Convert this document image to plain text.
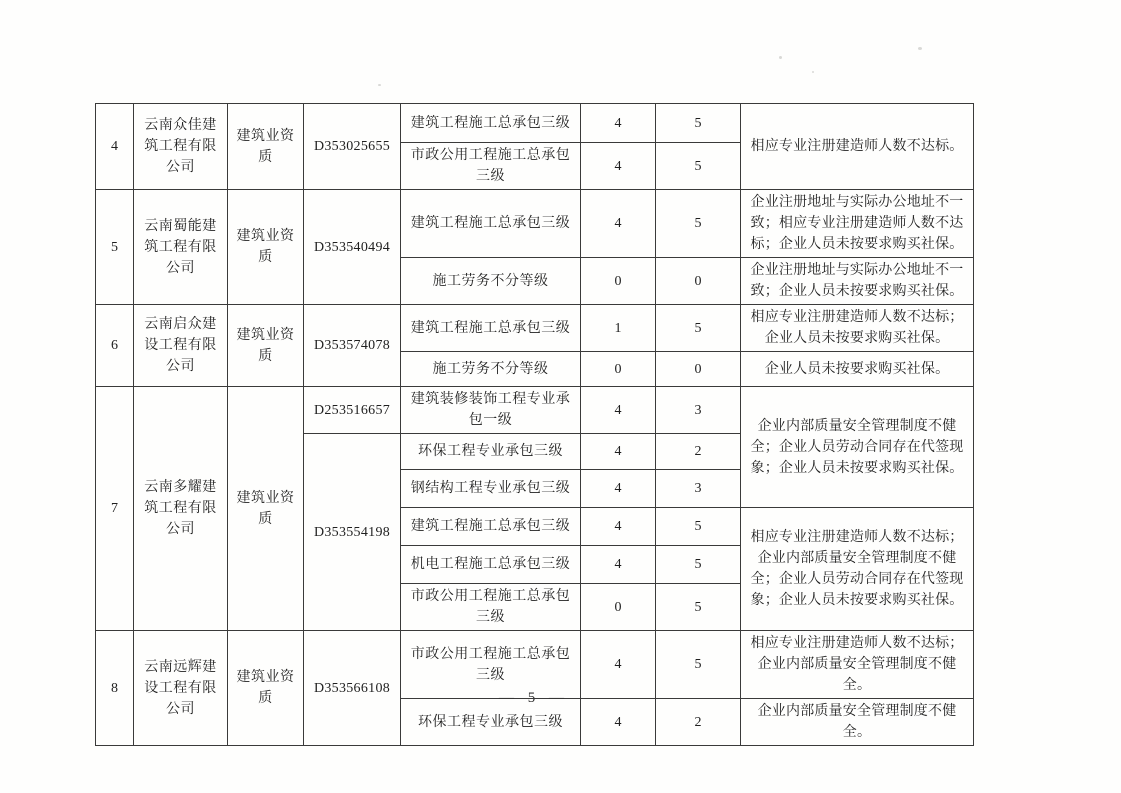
4	云南众佳建筑工程有限公司	建筑业资质	D353025655	建筑工程施工总承包三级	4	5	相应专业注册建造师人数不达标。
				市政公用工程施工总承包三级	4	5	
5	云南蜀能建筑工程有限公司	建筑业资质	D353540494	建筑工程施工总承包三级	4	5	企业注册地址与实际办公地址不一致；相应专业注册建造师人数不达标；企业人员未按要求购买社保。
				施工劳务不分等级	0	0	企业注册地址与实际办公地址不一致；企业人员未按要求购买社保。
6	云南启众建设工程有限公司	建筑业资质	D353574078	建筑工程施工总承包三级	1	5	相应专业注册建造师人数不达标；企业人员未按要求购买社保。
				施工劳务不分等级	0	0	企业人员未按要求购买社保。
7	云南多耀建筑工程有限公司	建筑业资质	D253516657	建筑装修装饰工程专业承包一级	4	3	企业内部质量安全管理制度不健全；企业人员劳动合同存在代签现象；企业人员未按要求购买社保。
			D353554198	环保工程专业承包三级	4	2	
				钢结构工程专业承包三级	4	3	
				建筑工程施工总承包三级	4	5	相应专业注册建造师人数不达标；企业内部质量安全管理制度不健全；企业人员劳动合同存在代签现象；企业人员未按要求购买社保。
				机电工程施工总承包三级	4	5	
				市政公用工程施工总承包三级	0	5	
8	云南远辉建设工程有限公司	建筑业资质	D353566108	市政公用工程施工总承包三级	4	5	相应专业注册建造师人数不达标；企业内部质量安全管理制度不健全。
				环保工程专业承包三级	4	2	企业内部质量安全管理制度不健全。
— 5 —
